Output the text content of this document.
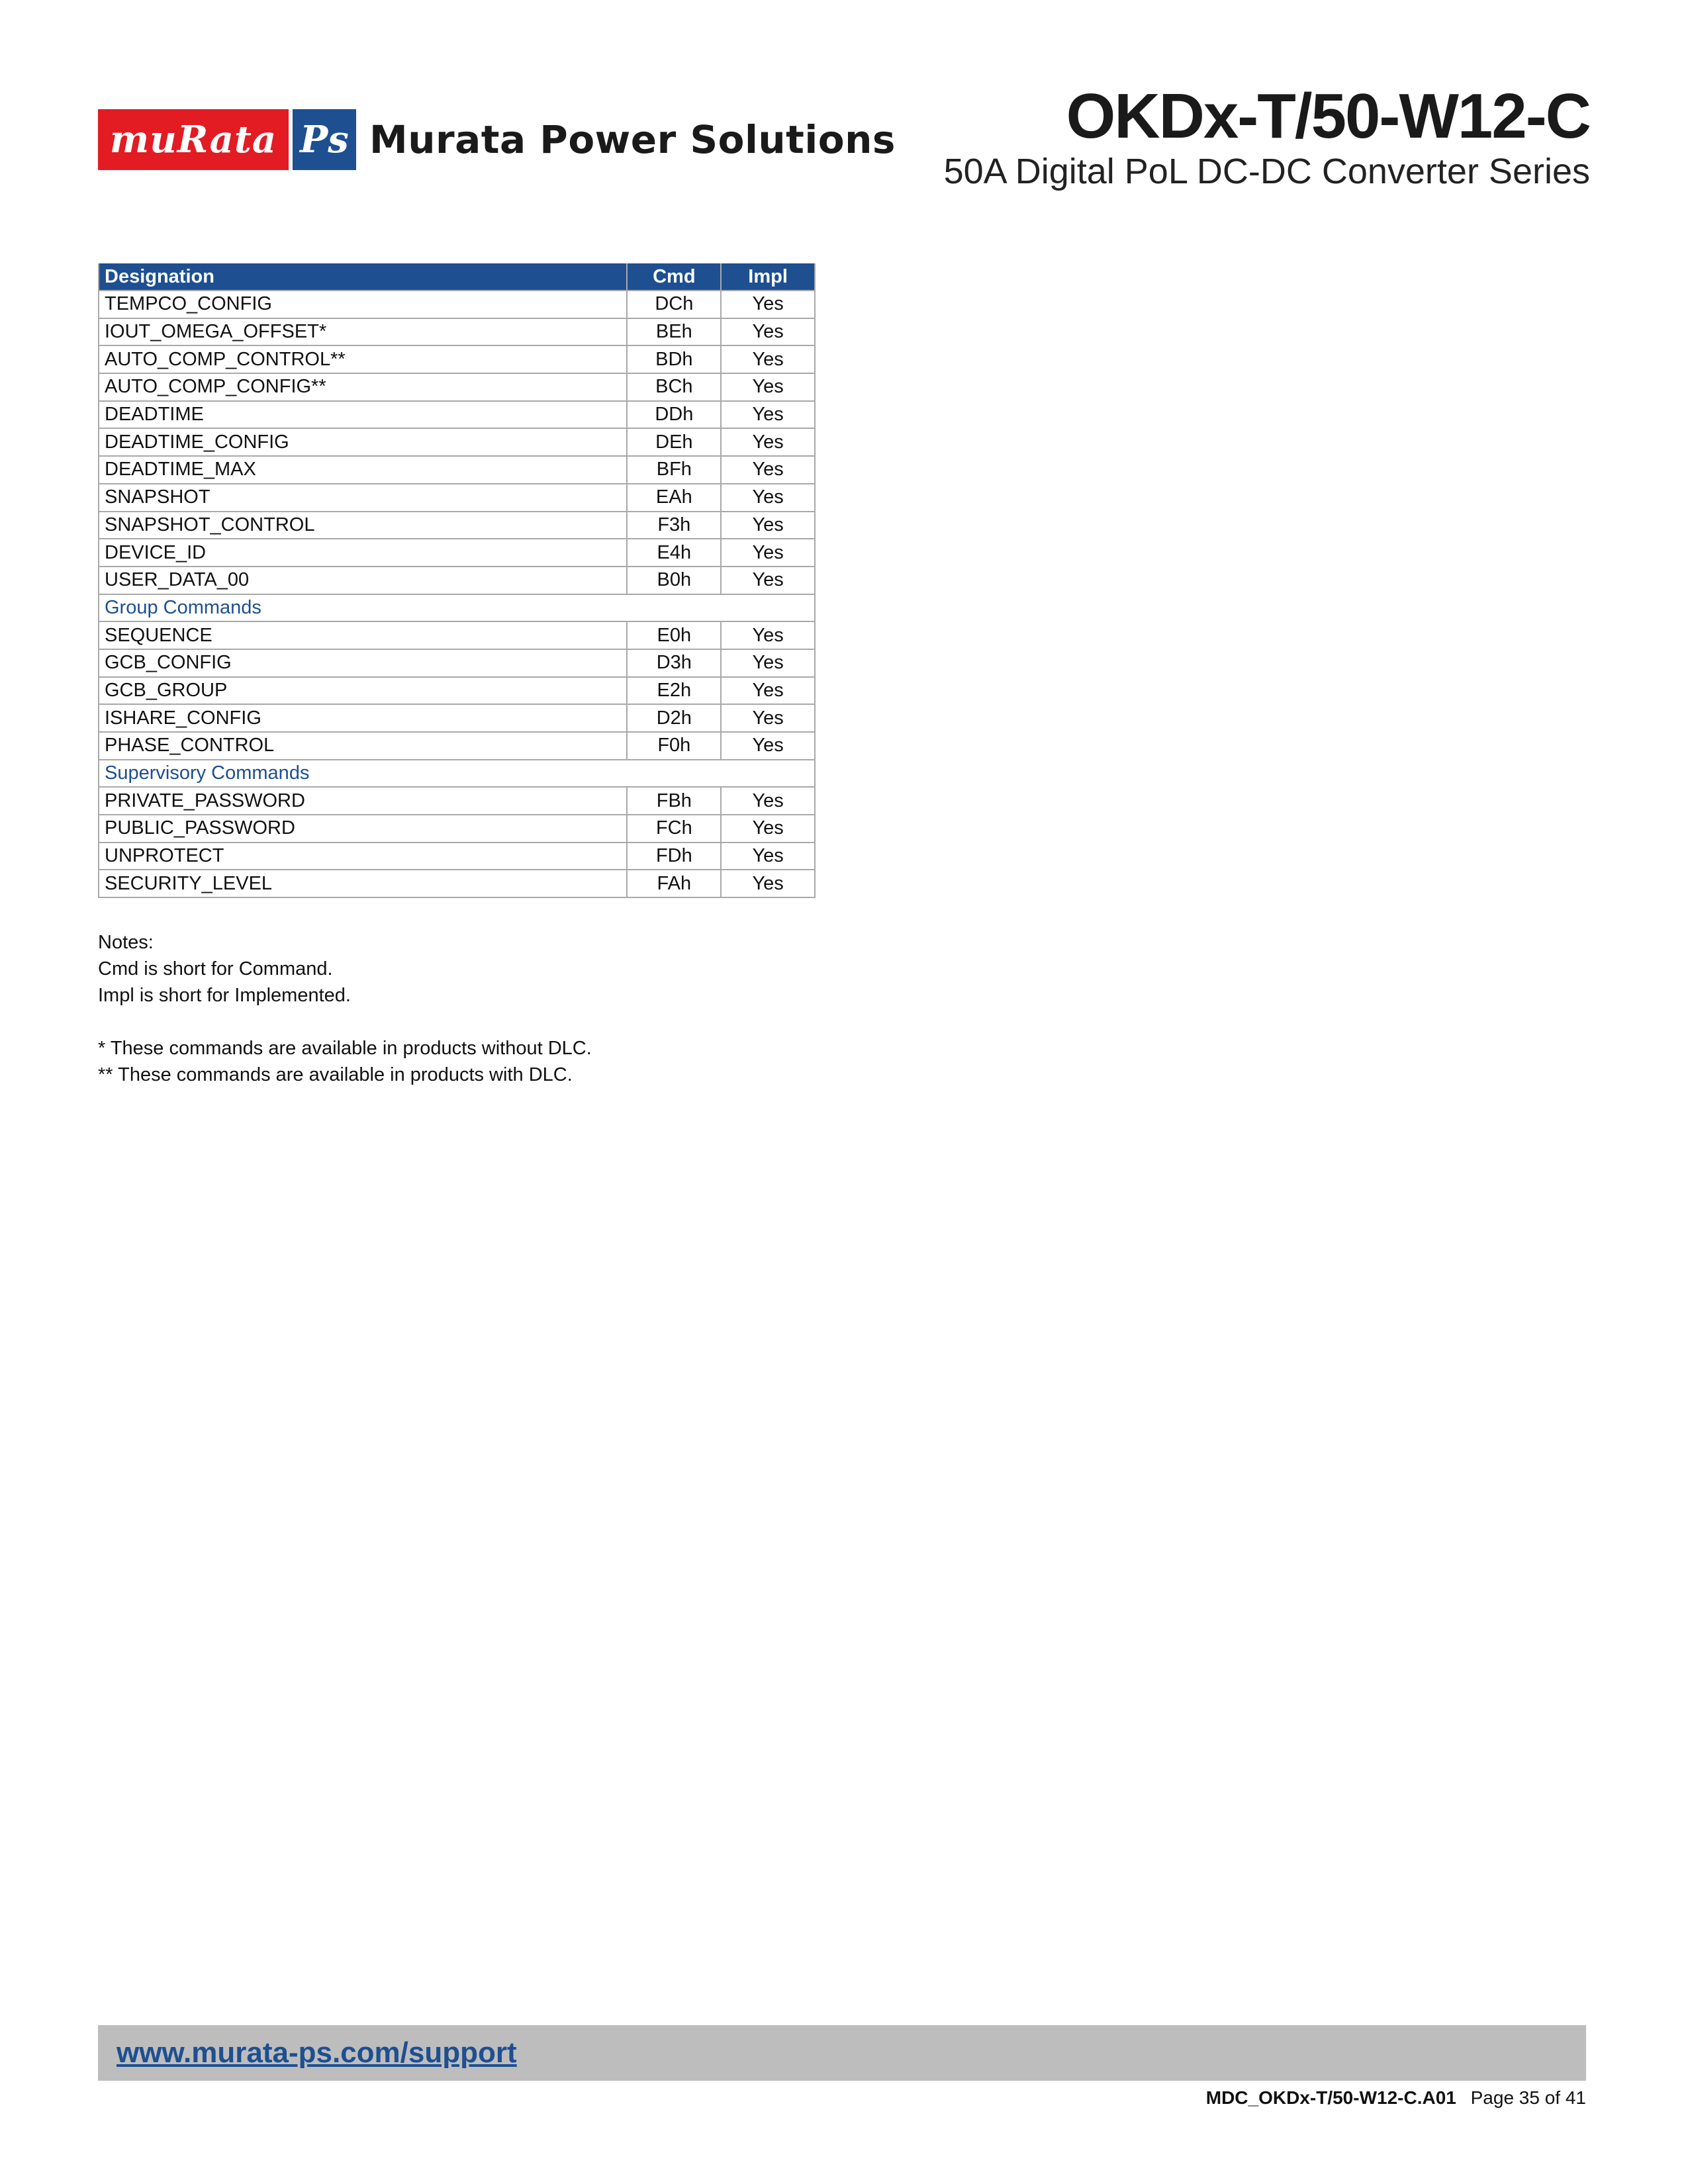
muRata Ps Murata Power Solutions	OKDx-T/50-W12-C
50A Digital PoL DC-DC Converter Series
Designation	Cmd	Impl
TEMPCO_CONFIG	DCh	Yes
IOUT_OMEGA_OFFSET*	BEh	Yes
AUTO_COMP_CONTROL**	BDh	Yes
AUTO_COMP_CONFIG**	BCh	Yes
DEADTIME	DDh	Yes
DEADTIME_CONFIG	DEh	Yes
DEADTIME_MAX	BFh	Yes
SNAPSHOT	EAh	Yes
SNAPSHOT_CONTROL	F3h	Yes
DEVICE_ID	E4h	Yes
USER_DATA_00	B0h	Yes
Group Commands		
SEQUENCE	E0h	Yes
GCB_CONFIG	D3h	Yes
GCB_GROUP	E2h	Yes
ISHARE_CONFIG	D2h	Yes
PHASE_CONTROL	F0h	Yes
Supervisory Commands		
PRIVATE_PASSWORD	FBh	Yes
PUBLIC_PASSWORD	FCh	Yes
UNPROTECT	FDh	Yes
SECURITY_LEVEL	FAh	Yes
Notes:
Cmd is short for Command.
Impl is short for Implemented.
* These commands are available in products without DLC.
** These commands are available in products with DLC.
www.murata-ps.com/support
MDC_OKDx-T/50-W12-C.A01 Page 35 of 41
